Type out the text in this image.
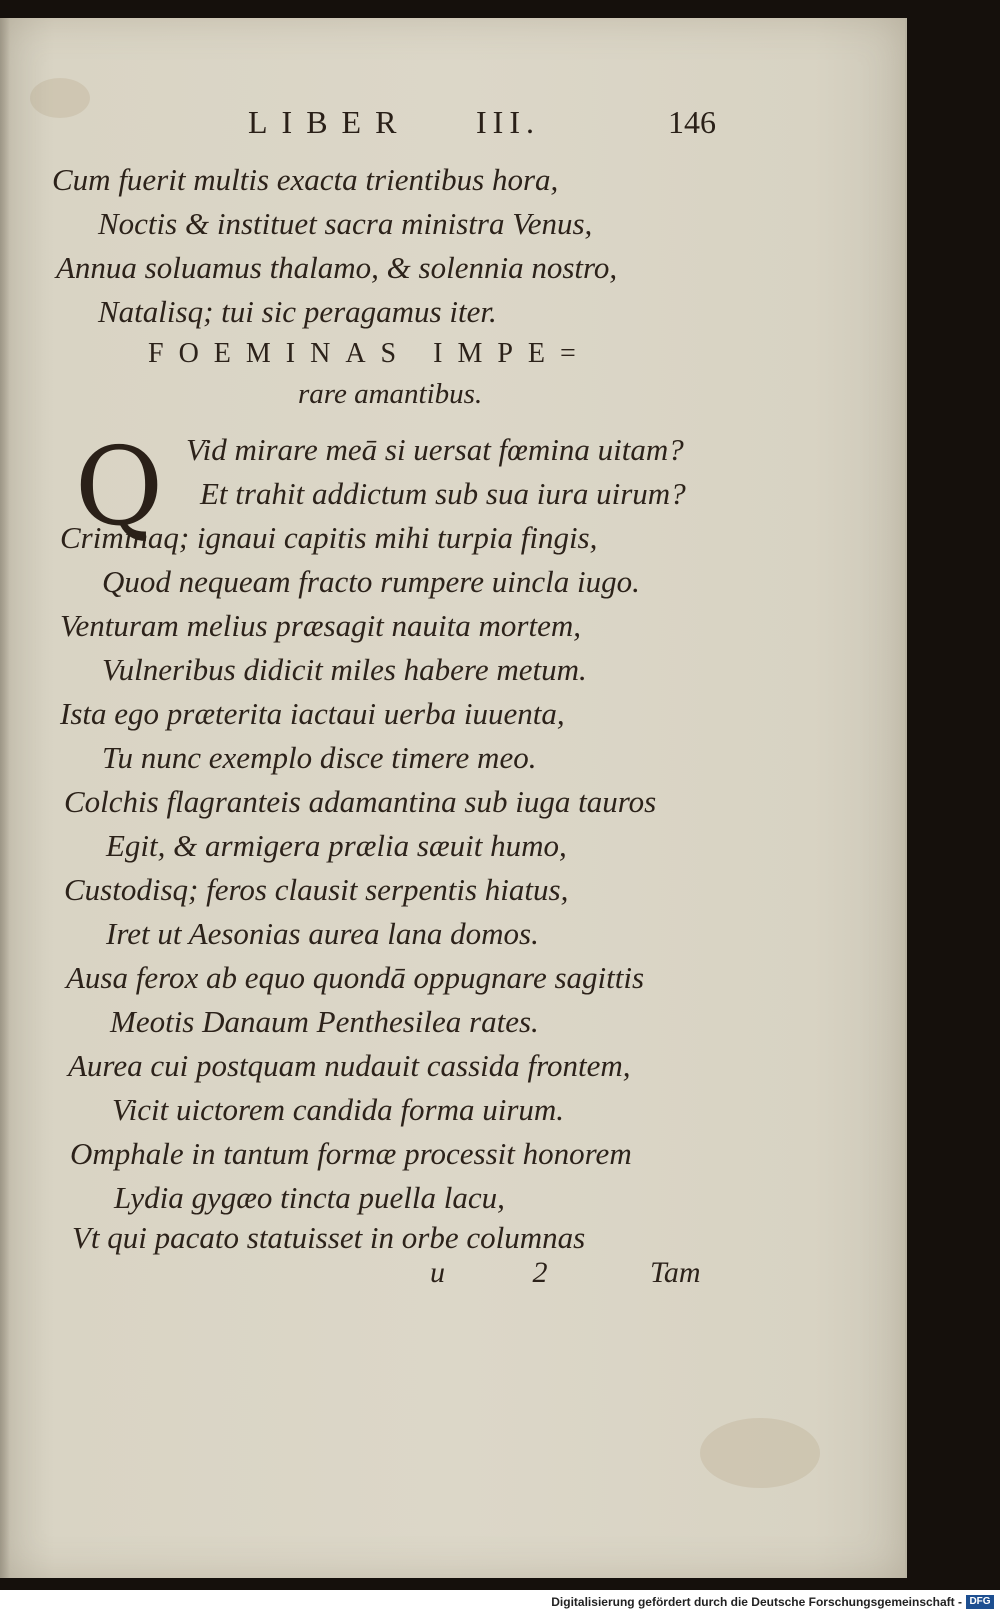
LIBER III.	146
Cum fuerit multis exacta trientibus hora,
Noctis & instituet sacra ministra Venus,
Annua soluamus thalamo, & solennia nostro,
Natalisq; tui sic peragamus iter.
FOEMINAS IMPE=
rare amantibus.
Vid mirare meā si uersat fœmina uitam?
Et trahit addictum sub sua iura uirum?
Criminaq; ignaui capitis mihi turpia fingis,
Quod nequeam fracto rumpere uincla iugo.
Venturam melius præsagit nauita mortem,
Vulneribus didicit miles habere metum.
Ista ego præterita iactaui uerba iuuenta,
Tu nunc exemplo disce timere meo.
Colchis flagranteis adamantina sub iuga tauros
Egit, & armigera prælia sæuit humo,
Custodisq; feros clausit serpentis hiatus,
Iret ut Aesonias aurea lana domos.
Ausa ferox ab equo quondā oppugnare sagittis
Meotis Danaum Penthesilea rates.
Aurea cui postquam nudauit cassida frontem,
Vicit uictorem candida forma uirum.
Omphale in tantum formæ processit honorem
Lydia gygæo tincta puella lacu,
Vt qui pacato statuisset in orbe columnas
Q
u 2 Tam
Digitalisierung gefördert durch die Deutsche Forschungsgemeinschaft - DFG
